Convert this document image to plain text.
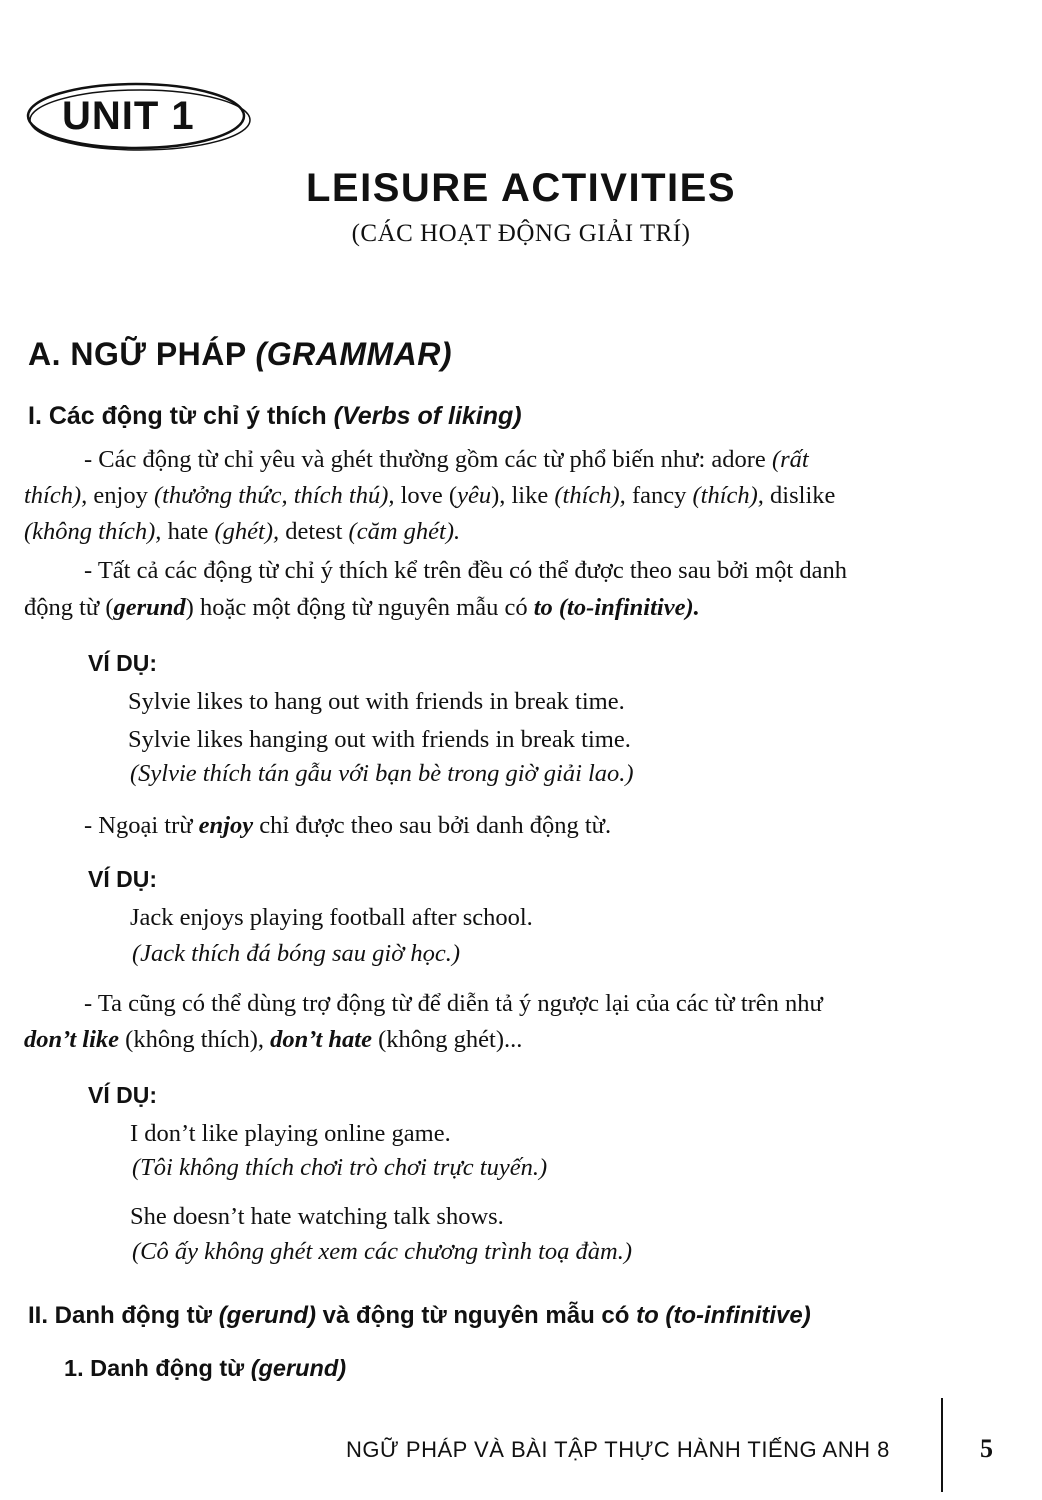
UNIT 1
LEISURE ACTIVITIES
(CÁC HOẠT ĐỘNG GIẢI TRÍ)
A. NGỮ PHÁP (GRAMMAR)
I. Các động từ chỉ ý thích (Verbs of liking)
- Các động từ chỉ yêu và ghét thường gồm các từ phổ biến như: adore (rất
thích), enjoy (thưởng thức, thích thú), love (yêu), like (thích), fancy (thích), dislike
(không thích), hate (ghét), detest (căm ghét).
- Tất cả các động từ chỉ ý thích kể trên đều có thể được theo sau bởi một danh
động từ (gerund) hoặc một động từ nguyên mẫu có to (to-infinitive).
VÍ DỤ:
Sylvie likes to hang out with friends in break time.
Sylvie likes hanging out with friends in break time.
(Sylvie thích tán gẫu với bạn bè trong giờ giải lao.)
- Ngoại trừ enjoy chỉ được theo sau bởi danh động từ.
VÍ DỤ:
Jack enjoys playing football after school.
(Jack thích đá bóng sau giờ học.)
- Ta cũng có thể dùng trợ động từ để diễn tả ý ngược lại của các từ trên như
don’t like (không thích), don’t hate (không ghét)...
VÍ DỤ:
I don’t like playing online game.
(Tôi không thích chơi trò chơi trực tuyến.)
She doesn’t hate watching talk shows.
(Cô ấy không ghét xem các chương trình toạ đàm.)
II. Danh động từ (gerund) và động từ nguyên mẫu có to (to-infinitive)
1. Danh động từ (gerund)
NGỮ PHÁP VÀ BÀI TẬP THỰC HÀNH TIẾNG ANH 8	5
